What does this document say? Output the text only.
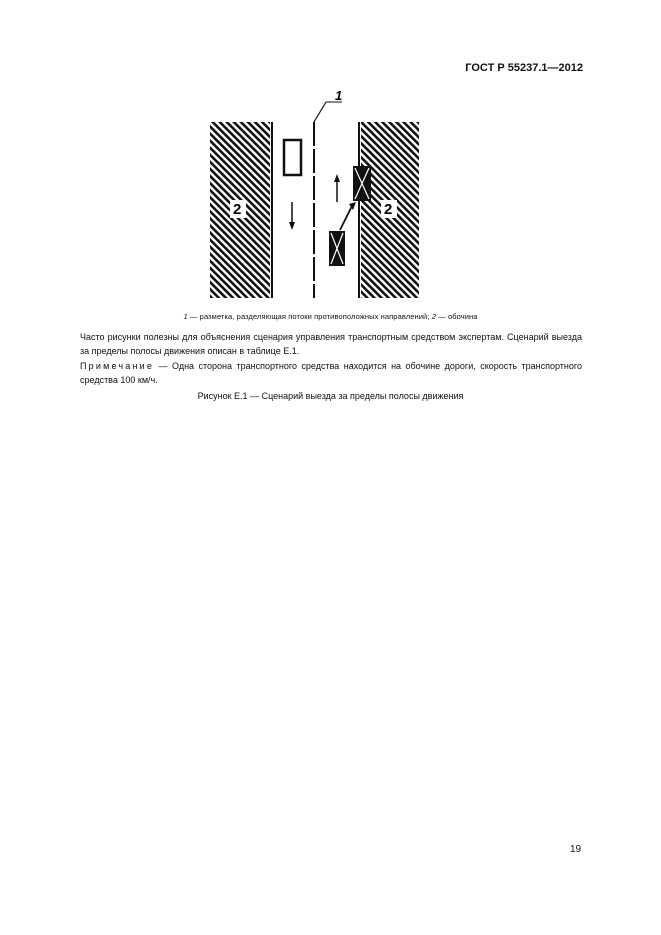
ГОСТ Р 55237.1—2012
1
2	2
1 — разметка, разделяющая потоки противоположных направлений; 2 — обочина
Часто рисунки полезны для объяснения сценария управления транспортным средством экспертам. Сценарий выезда за пределы полосы движения описан в таблице Е.1.
Примечание — Одна сторона транспортного средства находится на обочине дороги, скорость транспортного средства 100 км/ч.
Рисунок Е.1 — Сценарий выезда за пределы полосы движения
19
